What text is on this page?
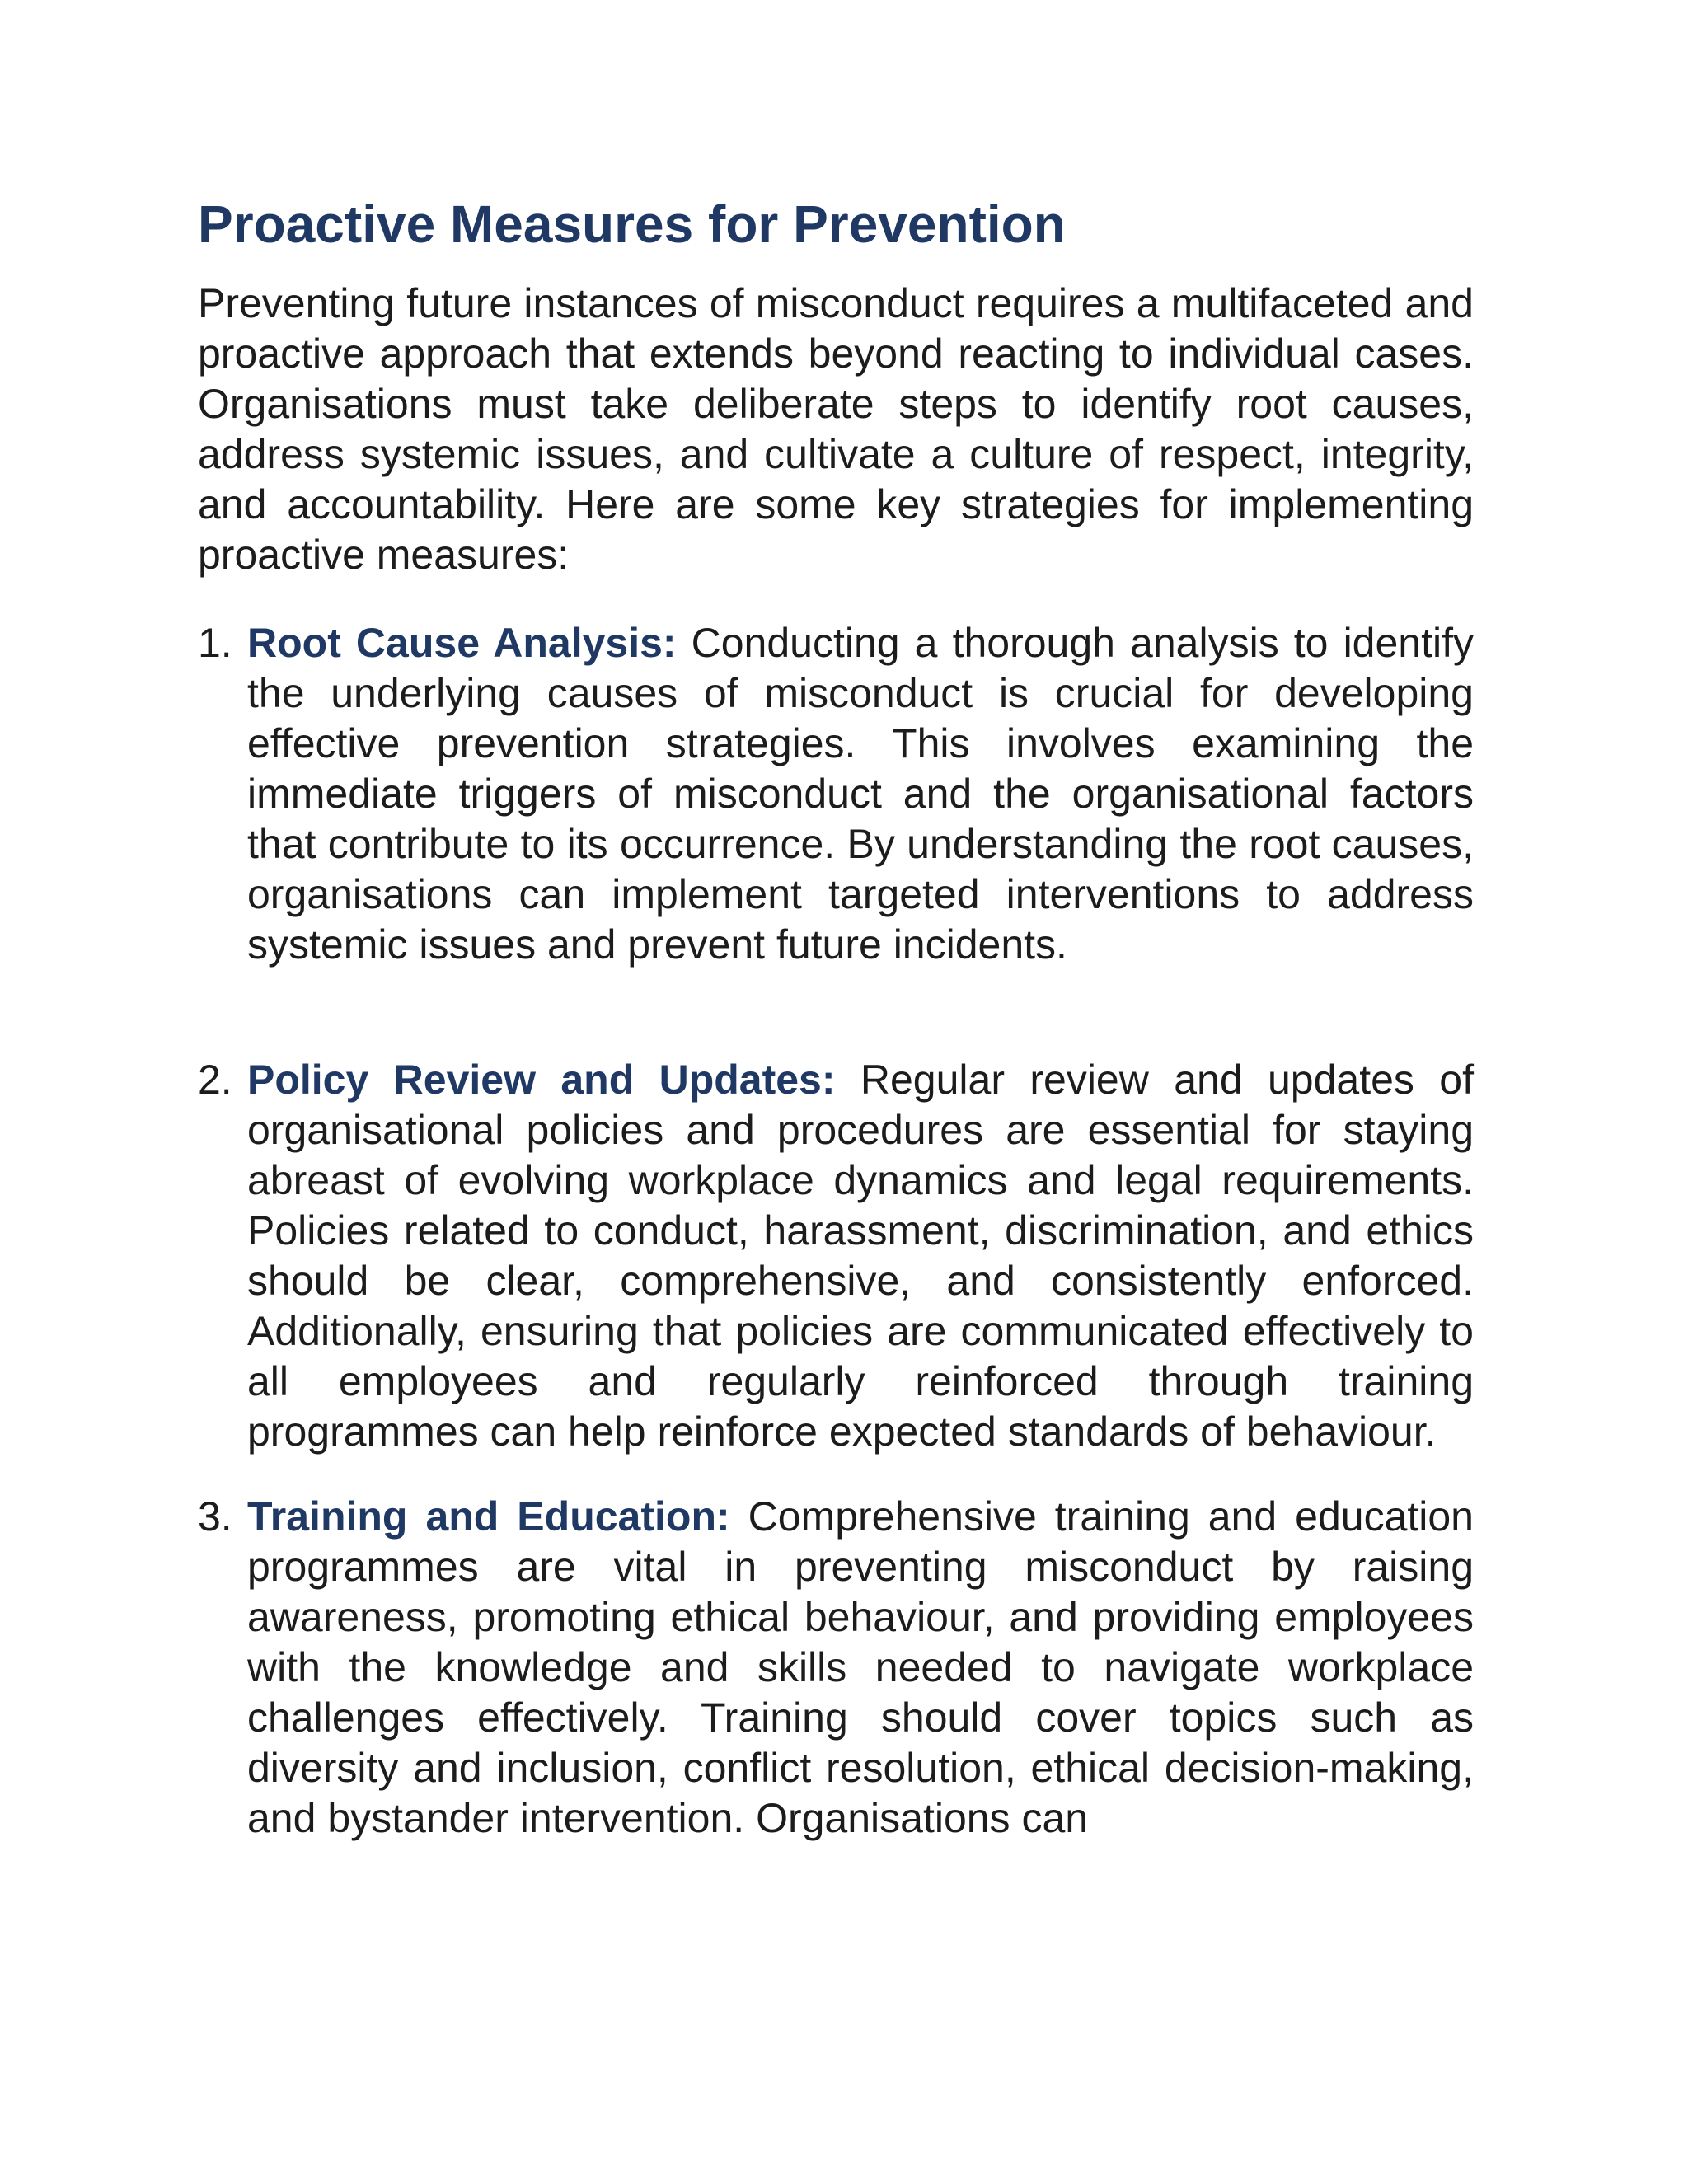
Proactive Measures for Prevention

Preventing future instances of misconduct requires a multifaceted and proactive approach that extends beyond reacting to individual cases. Organisations must take deliberate steps to identify root causes, address systemic issues, and cultivate a culture of respect, integrity, and accountability. Here are some key strategies for implementing proactive measures:

1. Root Cause Analysis: Conducting a thorough analysis to identify the underlying causes of misconduct is crucial for developing effective prevention strategies. This involves examining the immediate triggers of misconduct and the organisational factors that contribute to its occurrence. By understanding the root causes, organisations can implement targeted interventions to address systemic issues and prevent future incidents.
2. Policy Review and Updates: Regular review and updates of organisational policies and procedures are essential for staying abreast of evolving workplace dynamics and legal requirements. Policies related to conduct, harassment, discrimination, and ethics should be clear, comprehensive, and consistently enforced. Additionally, ensuring that policies are communicated effectively to all employees and regularly reinforced through training programmes can help reinforce expected standards of behaviour.
3. Training and Education: Comprehensive training and education programmes are vital in preventing misconduct by raising awareness, promoting ethical behaviour, and providing employees with the knowledge and skills needed to navigate workplace challenges effectively. Training should cover topics such as diversity and inclusion, conflict resolution, ethical decision-making, and bystander intervention. Organisations can
